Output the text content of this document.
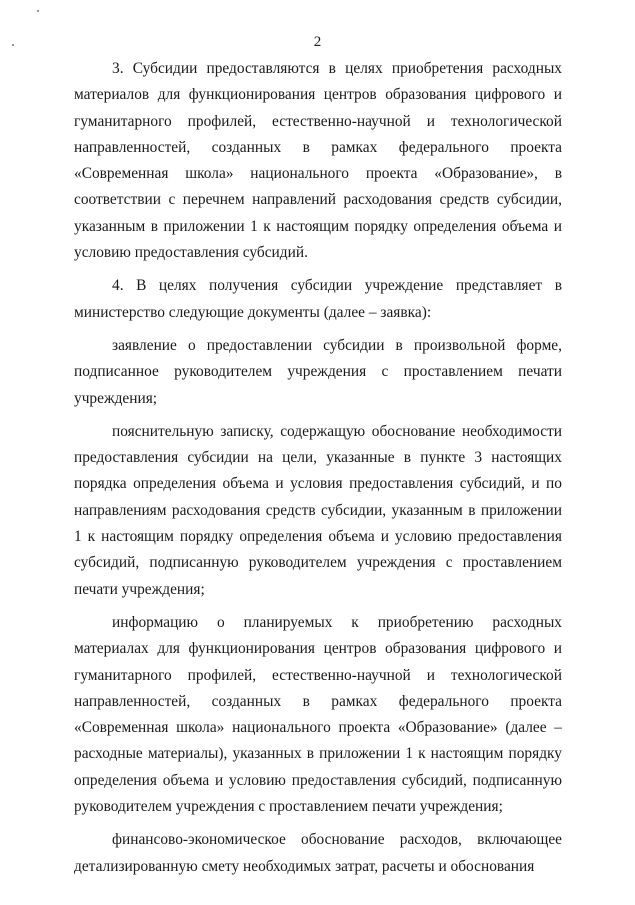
2

3. Субсидии предоставляются в целях приобретения расходных материалов для функционирования центров образования цифрового и гуманитарного профилей, естественно-научной и технологической направленностей, созданных в рамках федерального проекта «Современная школа» национального проекта «Образование», в соответствии с перечнем направлений расходования средств субсидии, указанным в приложении 1 к настоящим порядку определения объема и условию предоставления субсидий.

4. В целях получения субсидии учреждение представляет в министерство следующие документы (далее – заявка):

заявление о предоставлении субсидии в произвольной форме, подписанное руководителем учреждения с проставлением печати учреждения;

пояснительную записку, содержащую обоснование необходимости предоставления субсидии на цели, указанные в пункте 3 настоящих порядка определения объема и условия предоставления субсидий, и по направлениям расходования средств субсидии, указанным в приложении 1 к настоящим порядку определения объема и условию предоставления субсидий, подписанную руководителем учреждения с проставлением печати учреждения;

информацию о планируемых к приобретению расходных материалах для функционирования центров образования цифрового и гуманитарного профилей, естественно-научной и технологической направленностей, созданных в рамках федерального проекта «Современная школа» национального проекта «Образование» (далее – расходные материалы), указанных в приложении 1 к настоящим порядку определения объема и условию предоставления субсидий, подписанную руководителем учреждения с проставлением печати учреждения;

финансово-экономическое обоснование расходов, включающее детализированную смету необходимых затрат, расчеты и обоснования
